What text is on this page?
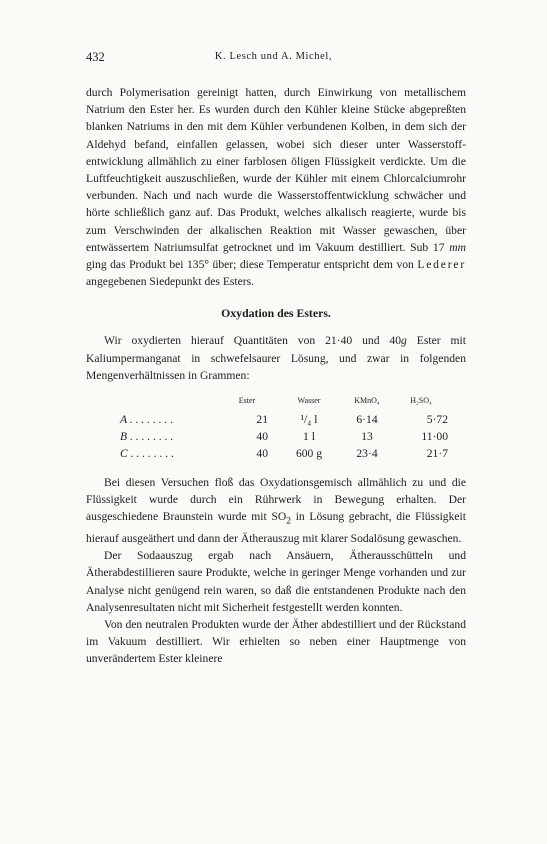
432	K. Lesch und A. Michel,

durch Polymerisation gereinigt hatten, durch Einwirkung von metallischem Natrium den Ester her. Es wurden durch den Kühler kleine Stücke abgepreßten blanken Natriums in den mit dem Kühler verbundenen Kolben, in dem sich der Aldehyd befand, einfallen gelassen, wobei sich dieser unter Wasserstoffentwicklung allmählich zu einer farblosen öligen Flüssigkeit verdickte. Um die Luftfeuchtigkeit auszuschließen, wurde der Kühler mit einem Chlorcalciumrohr verbunden. Nach und nach wurde die Wasserstoffentwicklung schwächer und hörte schließlich ganz auf. Das Produkt, welches alkalisch reagierte, wurde bis zum Verschwinden der alkalischen Reaktion mit Wasser gewaschen, über entwässertem Natriumsulfat getrocknet und im Vakuum destilliert. Sub 17 mm ging das Produkt bei 135° über; diese Temperatur entspricht dem von Lederer angegebenen Siedepunkt des Esters.

Oxydation des Esters.

Wir oxydierten hierauf Quantitäten von 21·40 und 40g Ester mit Kaliumpermanganat in schwefelsaurer Lösung, und zwar in folgenden Mengenverhältnissen in Grammen:

	Ester	Wasser	KMnO₄	H₂SO₄
A . . . . . . . .	21	¹/₄ l	6·14	5·72
B . . . . . . . .	40	1 l	13	11·00
C . . . . . . . .	40	600 g	23·4	21·7

Bei diesen Versuchen floß das Oxydationsgemisch allmählich zu und die Flüssigkeit wurde durch ein Rührwerk in Bewegung erhalten. Der ausgeschiedene Braunstein wurde mit $SO_2$ in Lösung gebracht, die Flüssigkeit hierauf ausgeäthert und dann der Ätherauszug mit klarer Sodalösung gewaschen.

Der Sodaauszug ergab nach Ansäuern, Ätherausschütteln und Ätherabdestillieren saure Produkte, welche in geringer Menge vorhanden und zur Analyse nicht genügend rein waren, so daß die entstandenen Produkte nach den Analysenresultaten nicht mit Sicherheit festgestellt werden konnten.

Von den neutralen Produkten wurde der Äther abdestilliert und der Rückstand im Vakuum destilliert. Wir erhielten so neben einer Hauptmenge von unverändertem Ester kleinere
